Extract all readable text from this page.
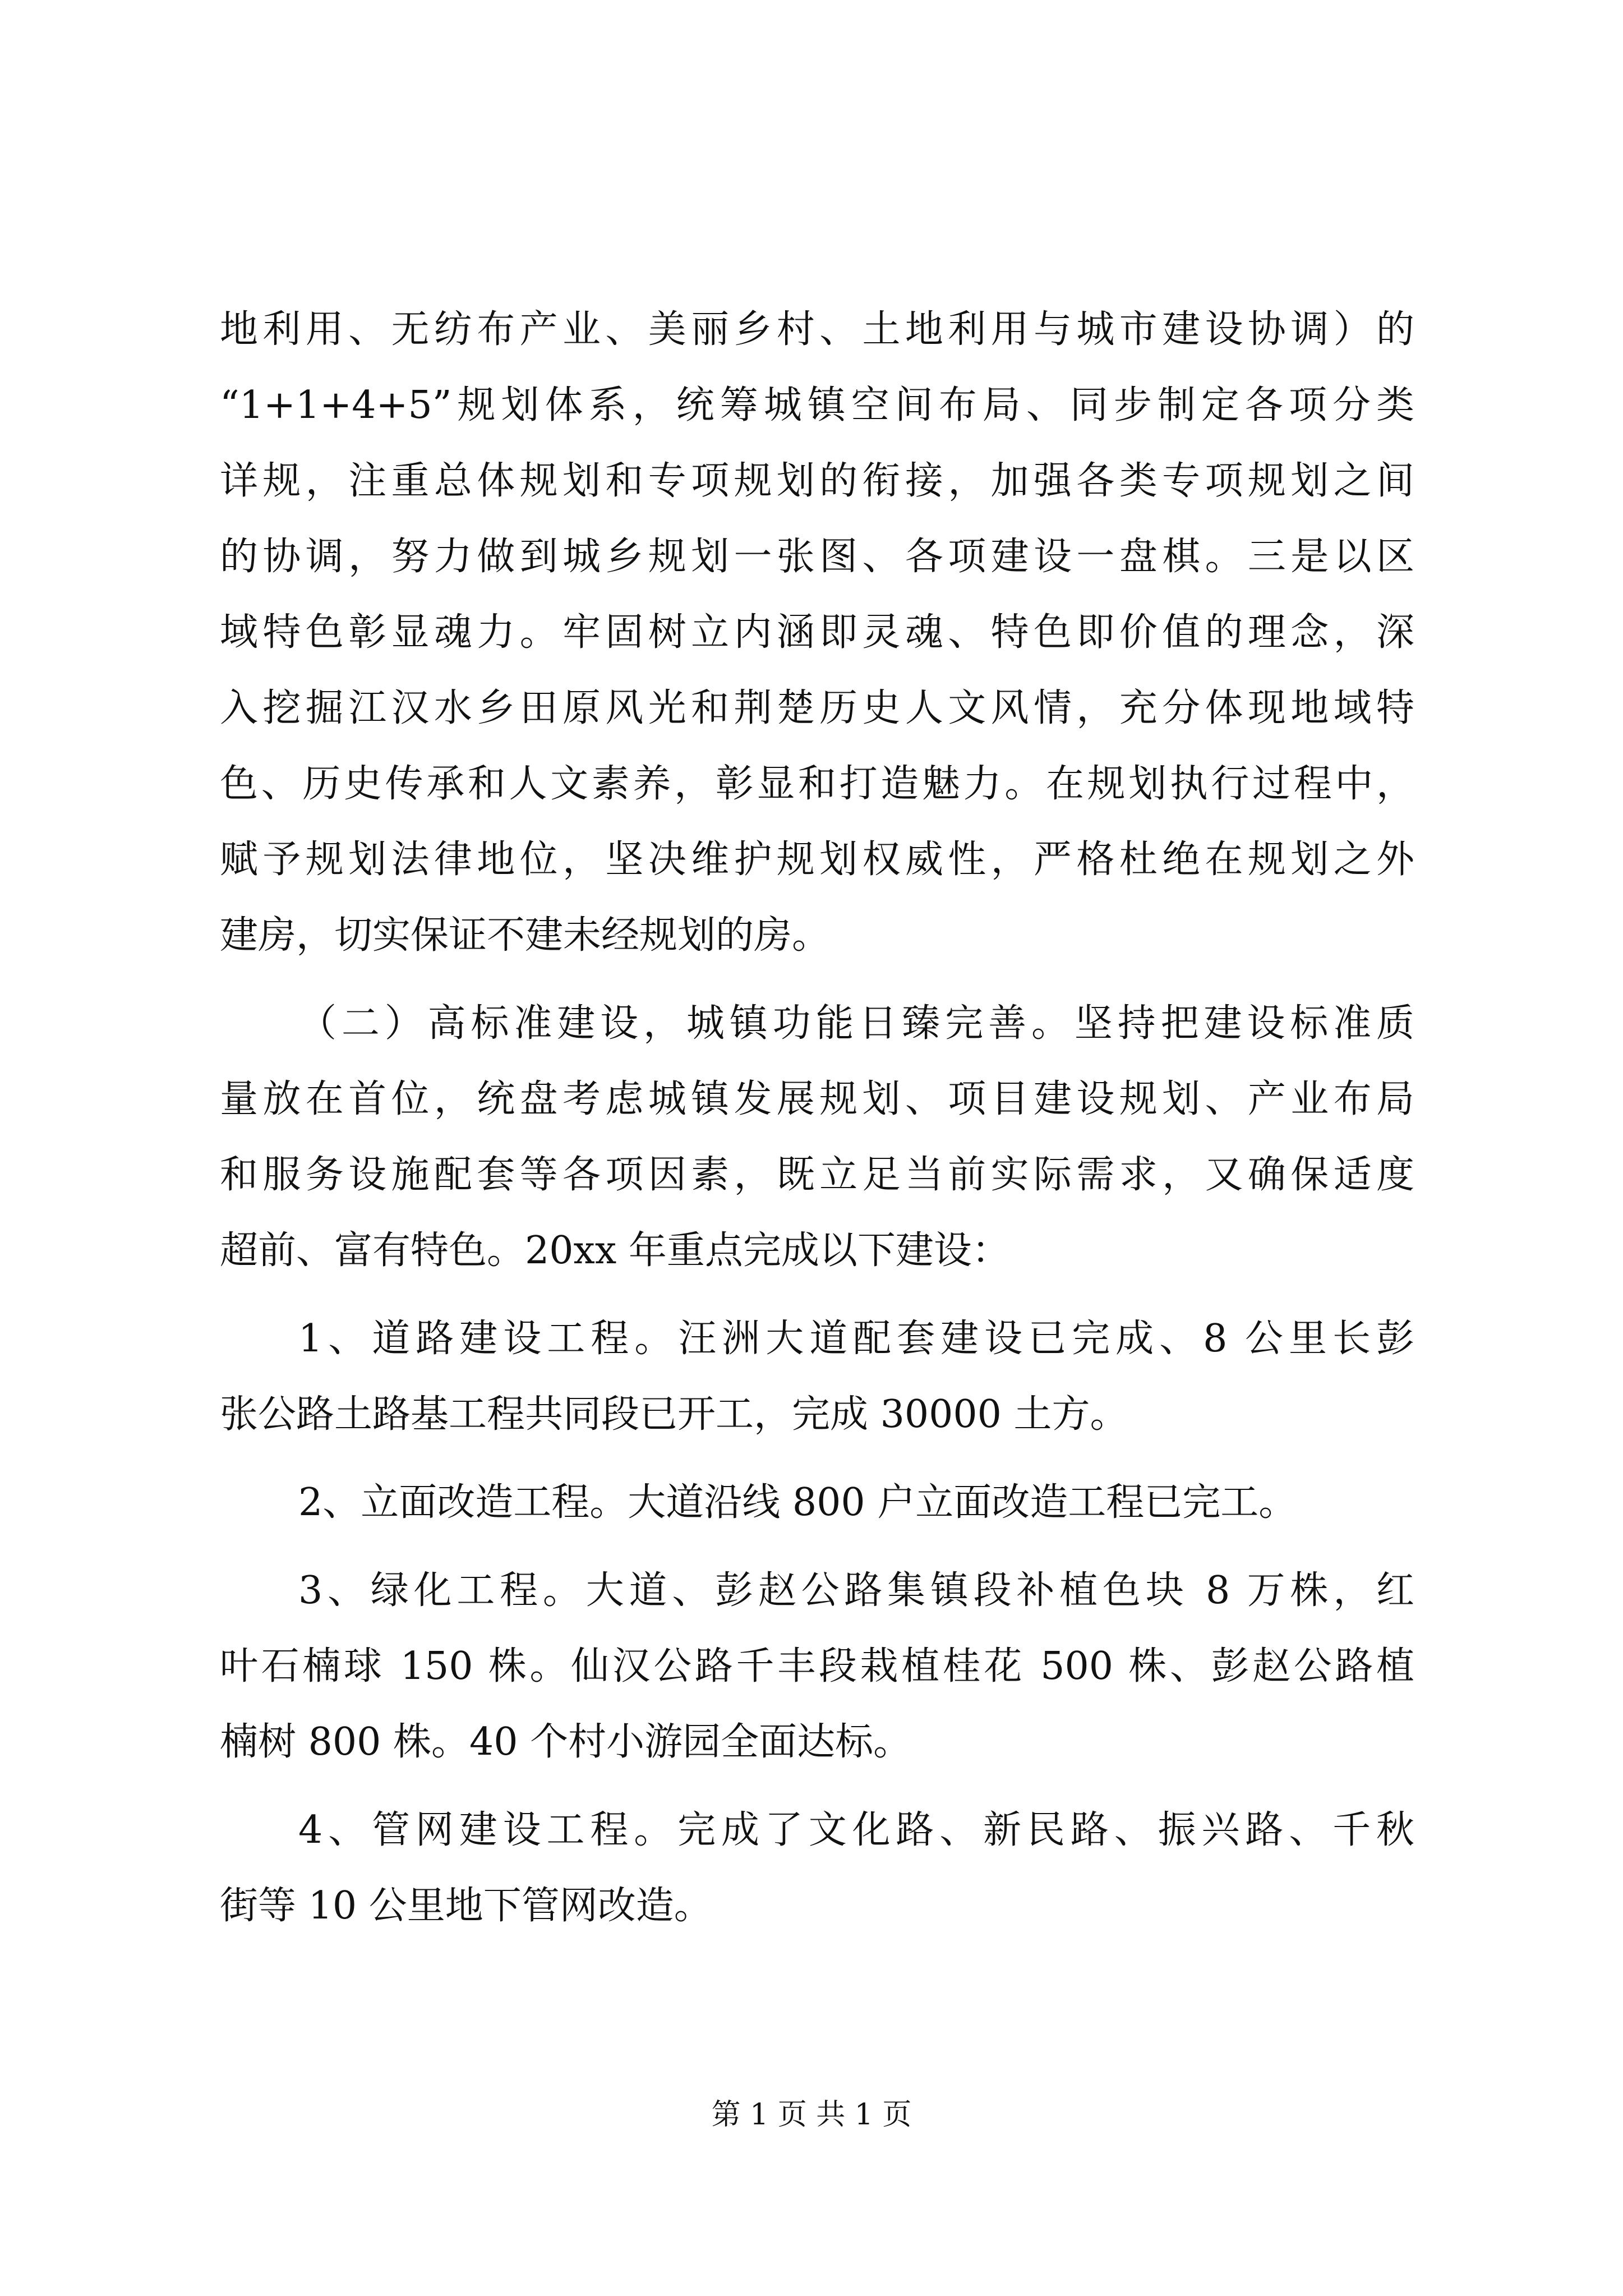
地利用、无纺布产业、美丽乡村、土地利用与城市建设协调）的
“1+1+4+5”规划体系，统筹城镇空间布局、同步制定各项分类
详规，注重总体规划和专项规划的衔接，加强各类专项规划之间
的协调，努力做到城乡规划一张图、各项建设一盘棋。三是以区
域特色彰显魂力。牢固树立内涵即灵魂、特色即价值的理念，深
入挖掘江汉水乡田原风光和荆楚历史人文风情，充分体现地域特
色、历史传承和人文素养，彰显和打造魅力。在规划执行过程中，
赋予规划法律地位，坚决维护规划权威性，严格杜绝在规划之外
建房，切实保证不建未经规划的房。
（二）高标准建设，城镇功能日臻完善。坚持把建设标准质
量放在首位，统盘考虑城镇发展规划、项目建设规划、产业布局
和服务设施配套等各项因素，既立足当前实际需求，又确保适度
超前、富有特色。20xx 年重点完成以下建设：
1、道路建设工程。汪洲大道配套建设已完成、8 公里长彭
张公路土路基工程共同段已开工，完成 30000 土方。
2、立面改造工程。大道沿线 800 户立面改造工程已完工。
3、绿化工程。大道、彭赵公路集镇段补植色块 8 万株，红
叶石楠球 150 株。仙汉公路千丰段栽植桂花 500 株、彭赵公路植
楠树 800 株。40 个村小游园全面达标。
4、管网建设工程。完成了文化路、新民路、振兴路、千秋
街等 10 公里地下管网改造。
第 1 页 共 1 页
